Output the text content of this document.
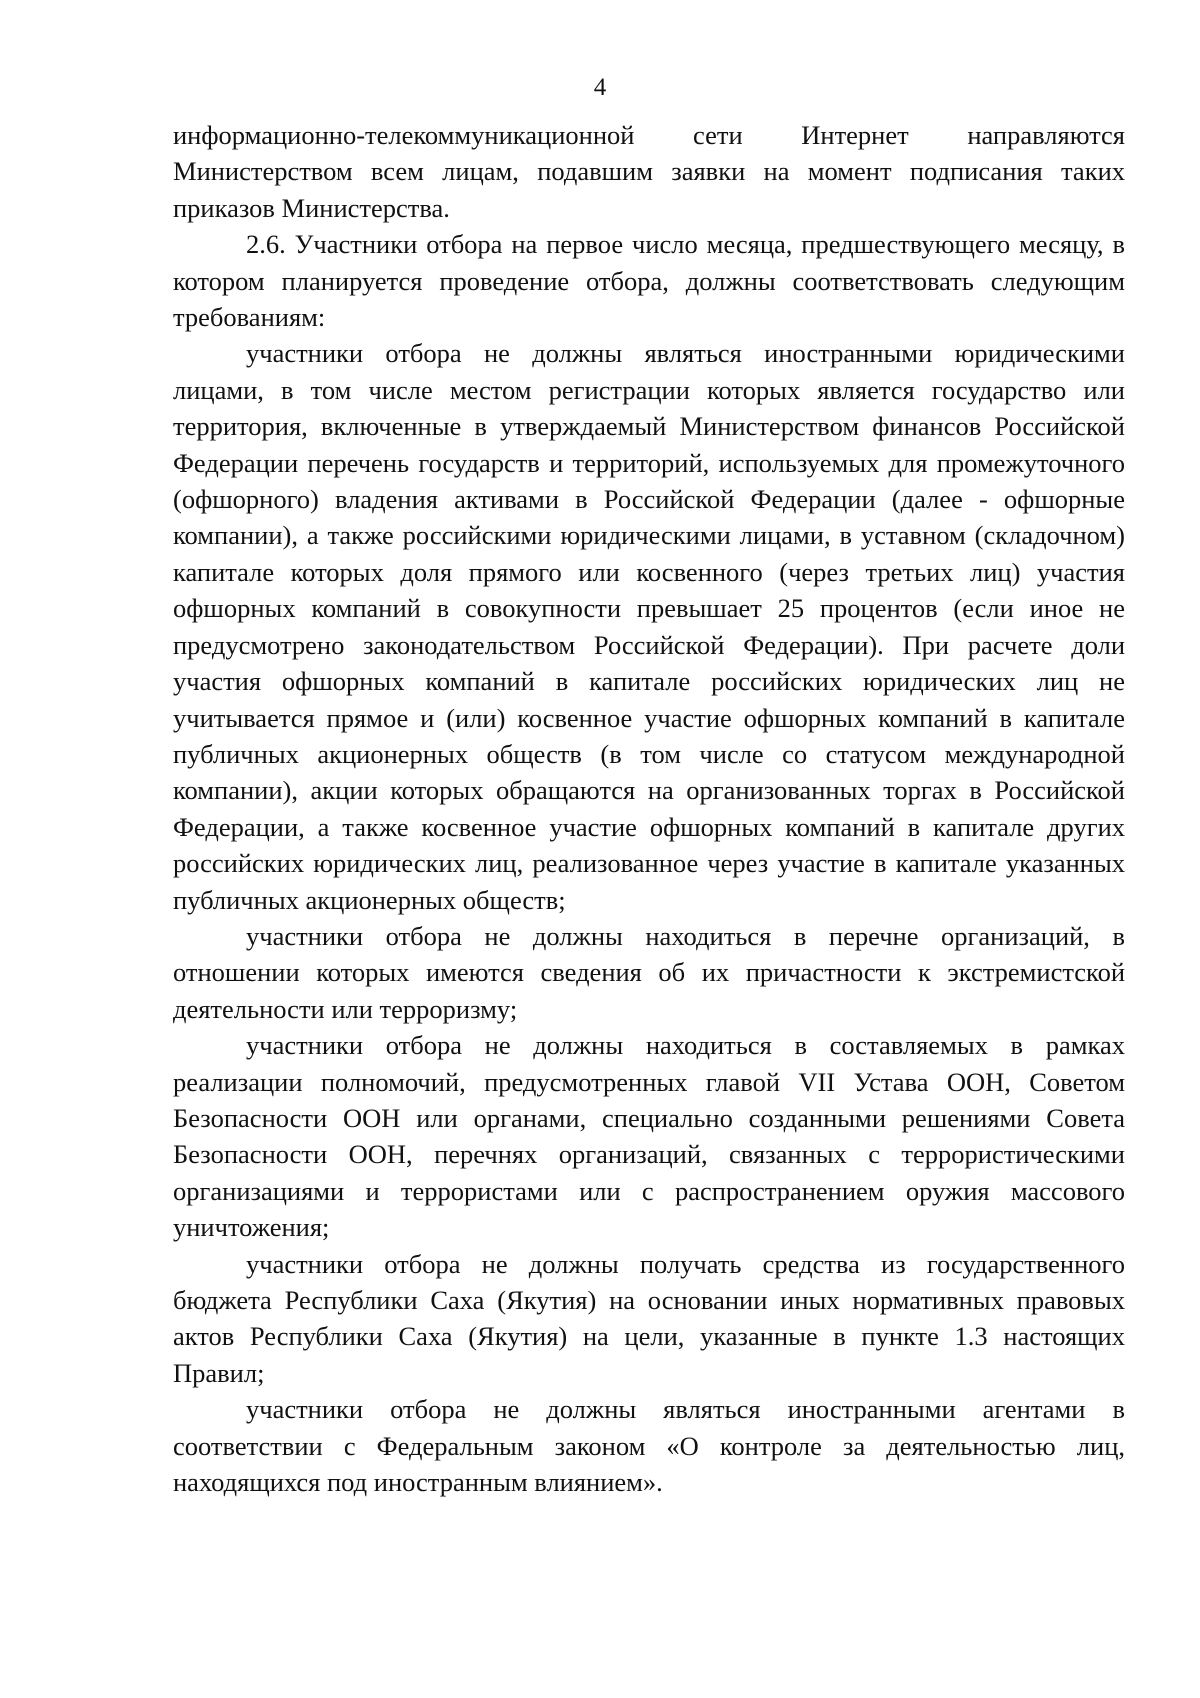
4

информационно-телекоммуникационной сети Интернет направляются Министерством всем лицам, подавшим заявки на момент подписания таких приказов Министерства.

2.6. Участники отбора на первое число месяца, предшествующего месяцу, в котором планируется проведение отбора, должны соответствовать следующим требованиям:

участники отбора не должны являться иностранными юридическими лицами, в том числе местом регистрации которых является государство или территория, включенные в утверждаемый Министерством финансов Российской Федерации перечень государств и территорий, используемых для промежуточного (офшорного) владения активами в Российской Федерации (далее - офшорные компании), а также российскими юридическими лицами, в уставном (складочном) капитале которых доля прямого или косвенного (через третьих лиц) участия офшорных компаний в совокупности превышает 25 процентов (если иное не предусмотрено законодательством Российской Федерации). При расчете доли участия офшорных компаний в капитале российских юридических лиц не учитывается прямое и (или) косвенное участие офшорных компаний в капитале публичных акционерных обществ (в том числе со статусом международной компании), акции которых обращаются на организованных торгах в Российской Федерации, а также косвенное участие офшорных компаний в капитале других российских юридических лиц, реализованное через участие в капитале указанных публичных акционерных обществ;

участники отбора не должны находиться в перечне организаций, в отношении которых имеются сведения об их причастности к экстремистской деятельности или терроризму;

участники отбора не должны находиться в составляемых в рамках реализации полномочий, предусмотренных главой VII Устава ООН, Советом Безопасности ООН или органами, специально созданными решениями Совета Безопасности ООН, перечнях организаций, связанных с террористическими организациями и террористами или с распространением оружия массового уничтожения;

участники отбора не должны получать средства из государственного бюджета Республики Саха (Якутия) на основании иных нормативных правовых актов Республики Саха (Якутия) на цели, указанные в пункте 1.3 настоящих Правил;

участники отбора не должны являться иностранными агентами в соответствии с Федеральным законом «О контроле за деятельностью лиц, находящихся под иностранным влиянием».
